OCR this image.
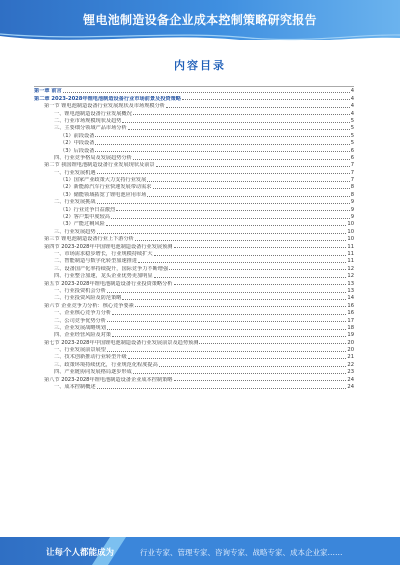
锂电池制造设备企业成本控制策略研究报告
内容目录
第一章 前言	4
第二章 2023-2028年锂电池制造设备行业市场前景及投资策略	4
第一节 锂电池制造设备行业发展现状及市场规模分析	4
一、锂电池制造设备行业发展概况	4
二、行业市场规模现状及趋势	5
三、主要细分领域产品市场分析	5
（1）前段设备	5
（2）中段设备	5
（3）后段设备	6
四、行业竞争格局及发展趋势分析	6
第二节 我国锂电池制造设备行业发展现状及前景	7
一、行业发展机遇	7
（1）国家产业政策大力支持行业发展	7
（2）新能源汽车行业快速发展带动需求	8
（3）储能领域拓宽了锂电池应用市场	8
二、行业发展挑战	9
（1）行业竞争日益激烈	9
（2）客户集中度较高	9
（3）产能过剩风险	10
三、行业发展趋势	10
第三节 锂电池制造设备行业上下游分析	10
第四节 2023-2028年中国锂电池制造设备行业发展预测	11
一、市场需求稳步增长，行业规模持续扩大	11
二、智能制造与数字化转型加速推进	11
三、设备国产化率持续提升，国际竞争力不断增强	12
四、行业整合加速，龙头企业优势更加明显	12
第五节 2023-2028年锂电池制造设备行业投资策略分析	13
一、行业投资机会分析	13
二、行业投资风险及防范策略	14
第六节 企业竞争力分析：核心竞争要素	16
一、企业核心竞争力分析	16
二、公司竞争优势分析	17
三、企业发展战略规划	18
四、企业经营风险及对策	19
第七节 2023-2028年中国锂电池制造设备行业发展前景及趋势预测	20
一、行业发展前景展望	20
二、技术创新推动行业转型升级	21
三、政策环境持续优化，行业规范化程度提高	22
四、产业链协同发展格局逐步形成	23
第八节 2023-2028年锂电池制造设备企业成本控制策略	24
一、成本控制概述	24
让每个人都能成为	行业专家、管理专家、咨询专家、战略专家、成本企业家……
